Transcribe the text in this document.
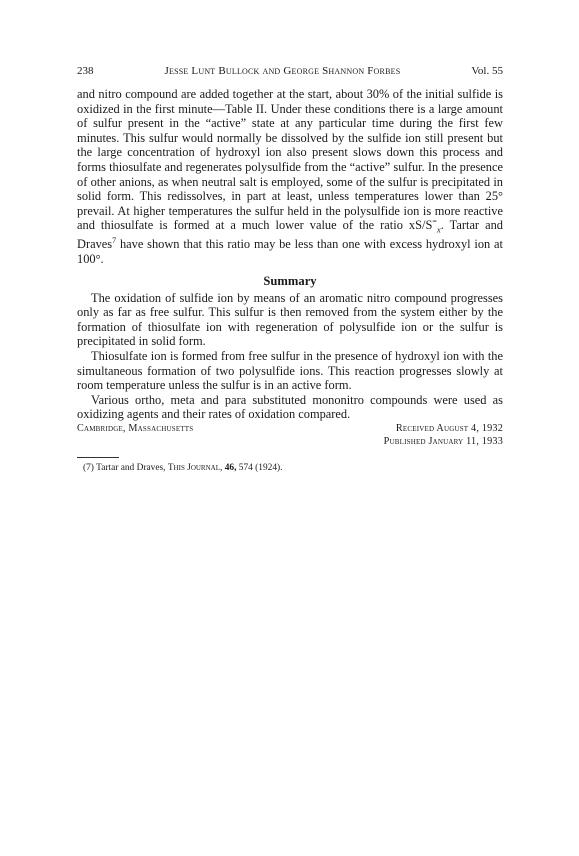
238	Jesse Lunt Bullock and George Shannon Forbes	Vol. 55

and nitro compound are added together at the start, about 30% of the initial sulfide is oxidized in the first minute—Table II. Under these conditions there is a large amount of sulfur present in the “active” state at any particular time during the first few minutes. This sulfur would normally be dissolved by the sulfide ion still present but the large concentration of hydroxyl ion also present slows down this process and forms thiosulfate and regenerates polysulfide from the “active” sulfur. In the presence of other anions, as when neutral salt is employed, some of the sulfur is precipitated in solid form. This redissolves, in part at least, unless temperatures lower than 25° prevail. At higher temperatures the sulfur held in the polysulfide ion is more reactive and thiosulfate is formed at a much lower value of the ratio $xS/S^=_x$. Tartar and Draves$^7$ have shown that this ratio may be less than one with excess hydroxyl ion at 100°.

Summary

The oxidation of sulfide ion by means of an aromatic nitro compound progresses only as far as free sulfur. This sulfur is then removed from the system either by the formation of thiosulfate ion with regeneration of polysulfide ion or the sulfur is precipitated in solid form.

Thiosulfate ion is formed from free sulfur in the presence of hydroxyl ion with the simultaneous formation of two polysulfide ions. This reaction progresses slowly at room temperature unless the sulfur is in an active form.

Various ortho, meta and para substituted mononitro compounds were used as oxidizing agents and their rates of oxidation compared.

Cambridge, Massachusetts	Received August 4, 1932
Published January 11, 1933
(7) Tartar and Draves, This Journal, 46, 574 (1924).
